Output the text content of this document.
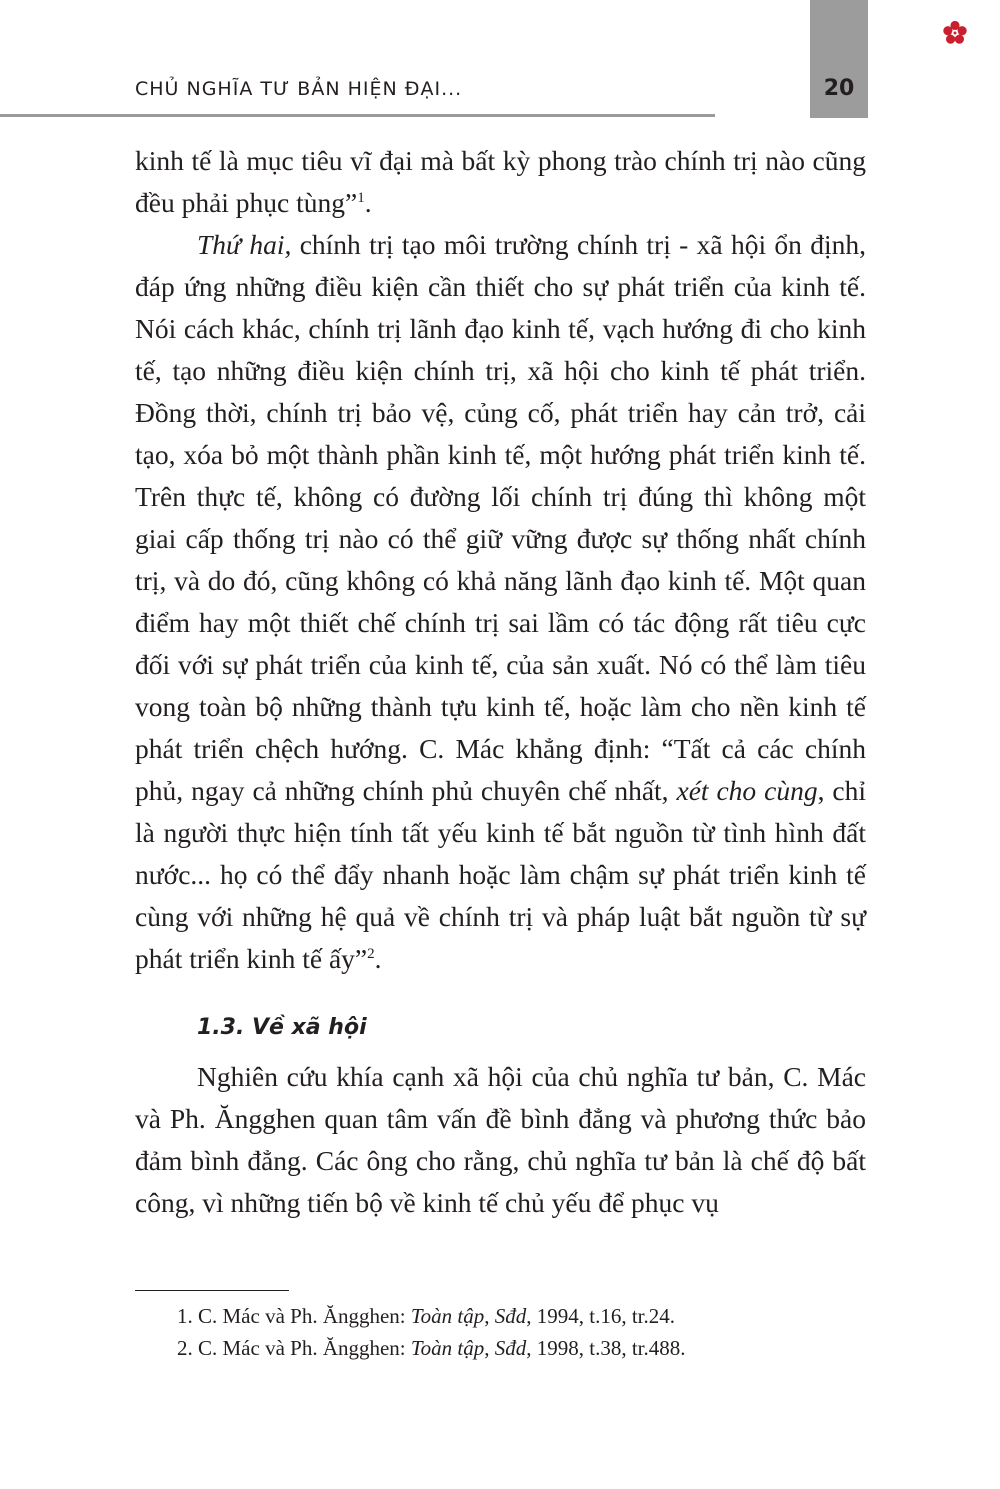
CHỦ NGHĨA TƯ BẢN HIỆN ĐẠI...	20

kinh tế là mục tiêu vĩ đại mà bất kỳ phong trào chính trị nào cũng đều phải phục tùng”$^1$.

Thứ hai, chính trị tạo môi trường chính trị - xã hội ổn định, đáp ứng những điều kiện cần thiết cho sự phát triển của kinh tế. Nói cách khác, chính trị lãnh đạo kinh tế, vạch hướng đi cho kinh tế, tạo những điều kiện chính trị, xã hội cho kinh tế phát triển. Đồng thời, chính trị bảo vệ, củng cố, phát triển hay cản trở, cải tạo, xóa bỏ một thành phần kinh tế, một hướng phát triển kinh tế. Trên thực tế, không có đường lối chính trị đúng thì không một giai cấp thống trị nào có thể giữ vững được sự thống nhất chính trị, và do đó, cũng không có khả năng lãnh đạo kinh tế. Một quan điểm hay một thiết chế chính trị sai lầm có tác động rất tiêu cực đối với sự phát triển của kinh tế, của sản xuất. Nó có thể làm tiêu vong toàn bộ những thành tựu kinh tế, hoặc làm cho nền kinh tế phát triển chệch hướng. C. Mác khẳng định: “Tất cả các chính phủ, ngay cả những chính phủ chuyên chế nhất, xét cho cùng, chỉ là người thực hiện tính tất yếu kinh tế bắt nguồn từ tình hình đất nước... họ có thể đẩy nhanh hoặc làm chậm sự phát triển kinh tế cùng với những hệ quả về chính trị và pháp luật bắt nguồn từ sự phát triển kinh tế ấy”$^2$.

1.3. Về xã hội

Nghiên cứu khía cạnh xã hội của chủ nghĩa tư bản, C. Mác và Ph. Ăngghen quan tâm vấn đề bình đẳng và phương thức bảo đảm bình đẳng. Các ông cho rằng, chủ nghĩa tư bản là chế độ bất công, vì những tiến bộ về kinh tế chủ yếu để phục vụ

1. C. Mác và Ph. Ăngghen: Toàn tập, Sđd, 1994, t.16, tr.24.
2. C. Mác và Ph. Ăngghen: Toàn tập, Sđd, 1998, t.38, tr.488.
